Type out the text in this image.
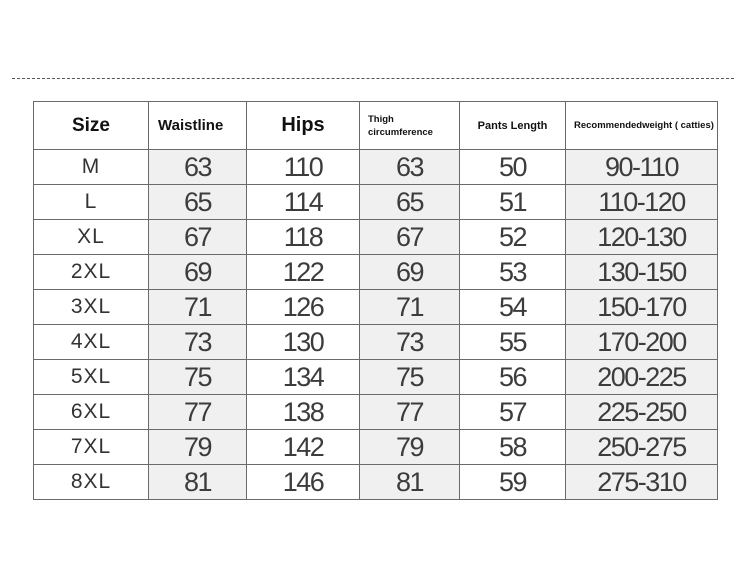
Size	Waistline	Hips	Thigh circumference	Pants Length	Recommendedweight ( catties)
M	63	110	63	50	90-110
L	65	114	65	51	110-120
XL	67	118	67	52	120-130
2XL	69	122	69	53	130-150
3XL	71	126	71	54	150-170
4XL	73	130	73	55	170-200
5XL	75	134	75	56	200-225
6XL	77	138	77	57	225-250
7XL	79	142	79	58	250-275
8XL	81	146	81	59	275-310
